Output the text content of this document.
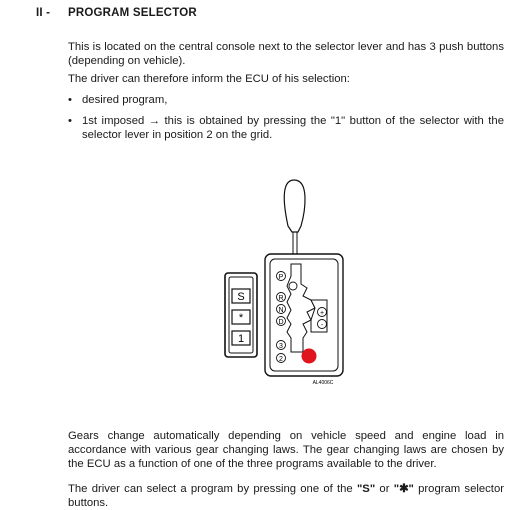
II - PROGRAM SELECTOR
This is located on the central console next to the selector lever and has 3 push buttons (depending on vehicle).
The driver can therefore inform the ECU of his selection:
• desired program,
• 1st imposed → this is obtained by pressing the "1" button of the selector with the selector lever in position 2 on the grid.
S
*
1
P
R
N
D
3
2
+
-
AL4006C
Gears change automatically depending on vehicle speed and engine load in accordance with various gear changing laws. The gear changing laws are chosen by the ECU as a function of one of the three programs available to the driver.
The driver can select a program by pressing one of the "S" or "✱" program selector buttons.
